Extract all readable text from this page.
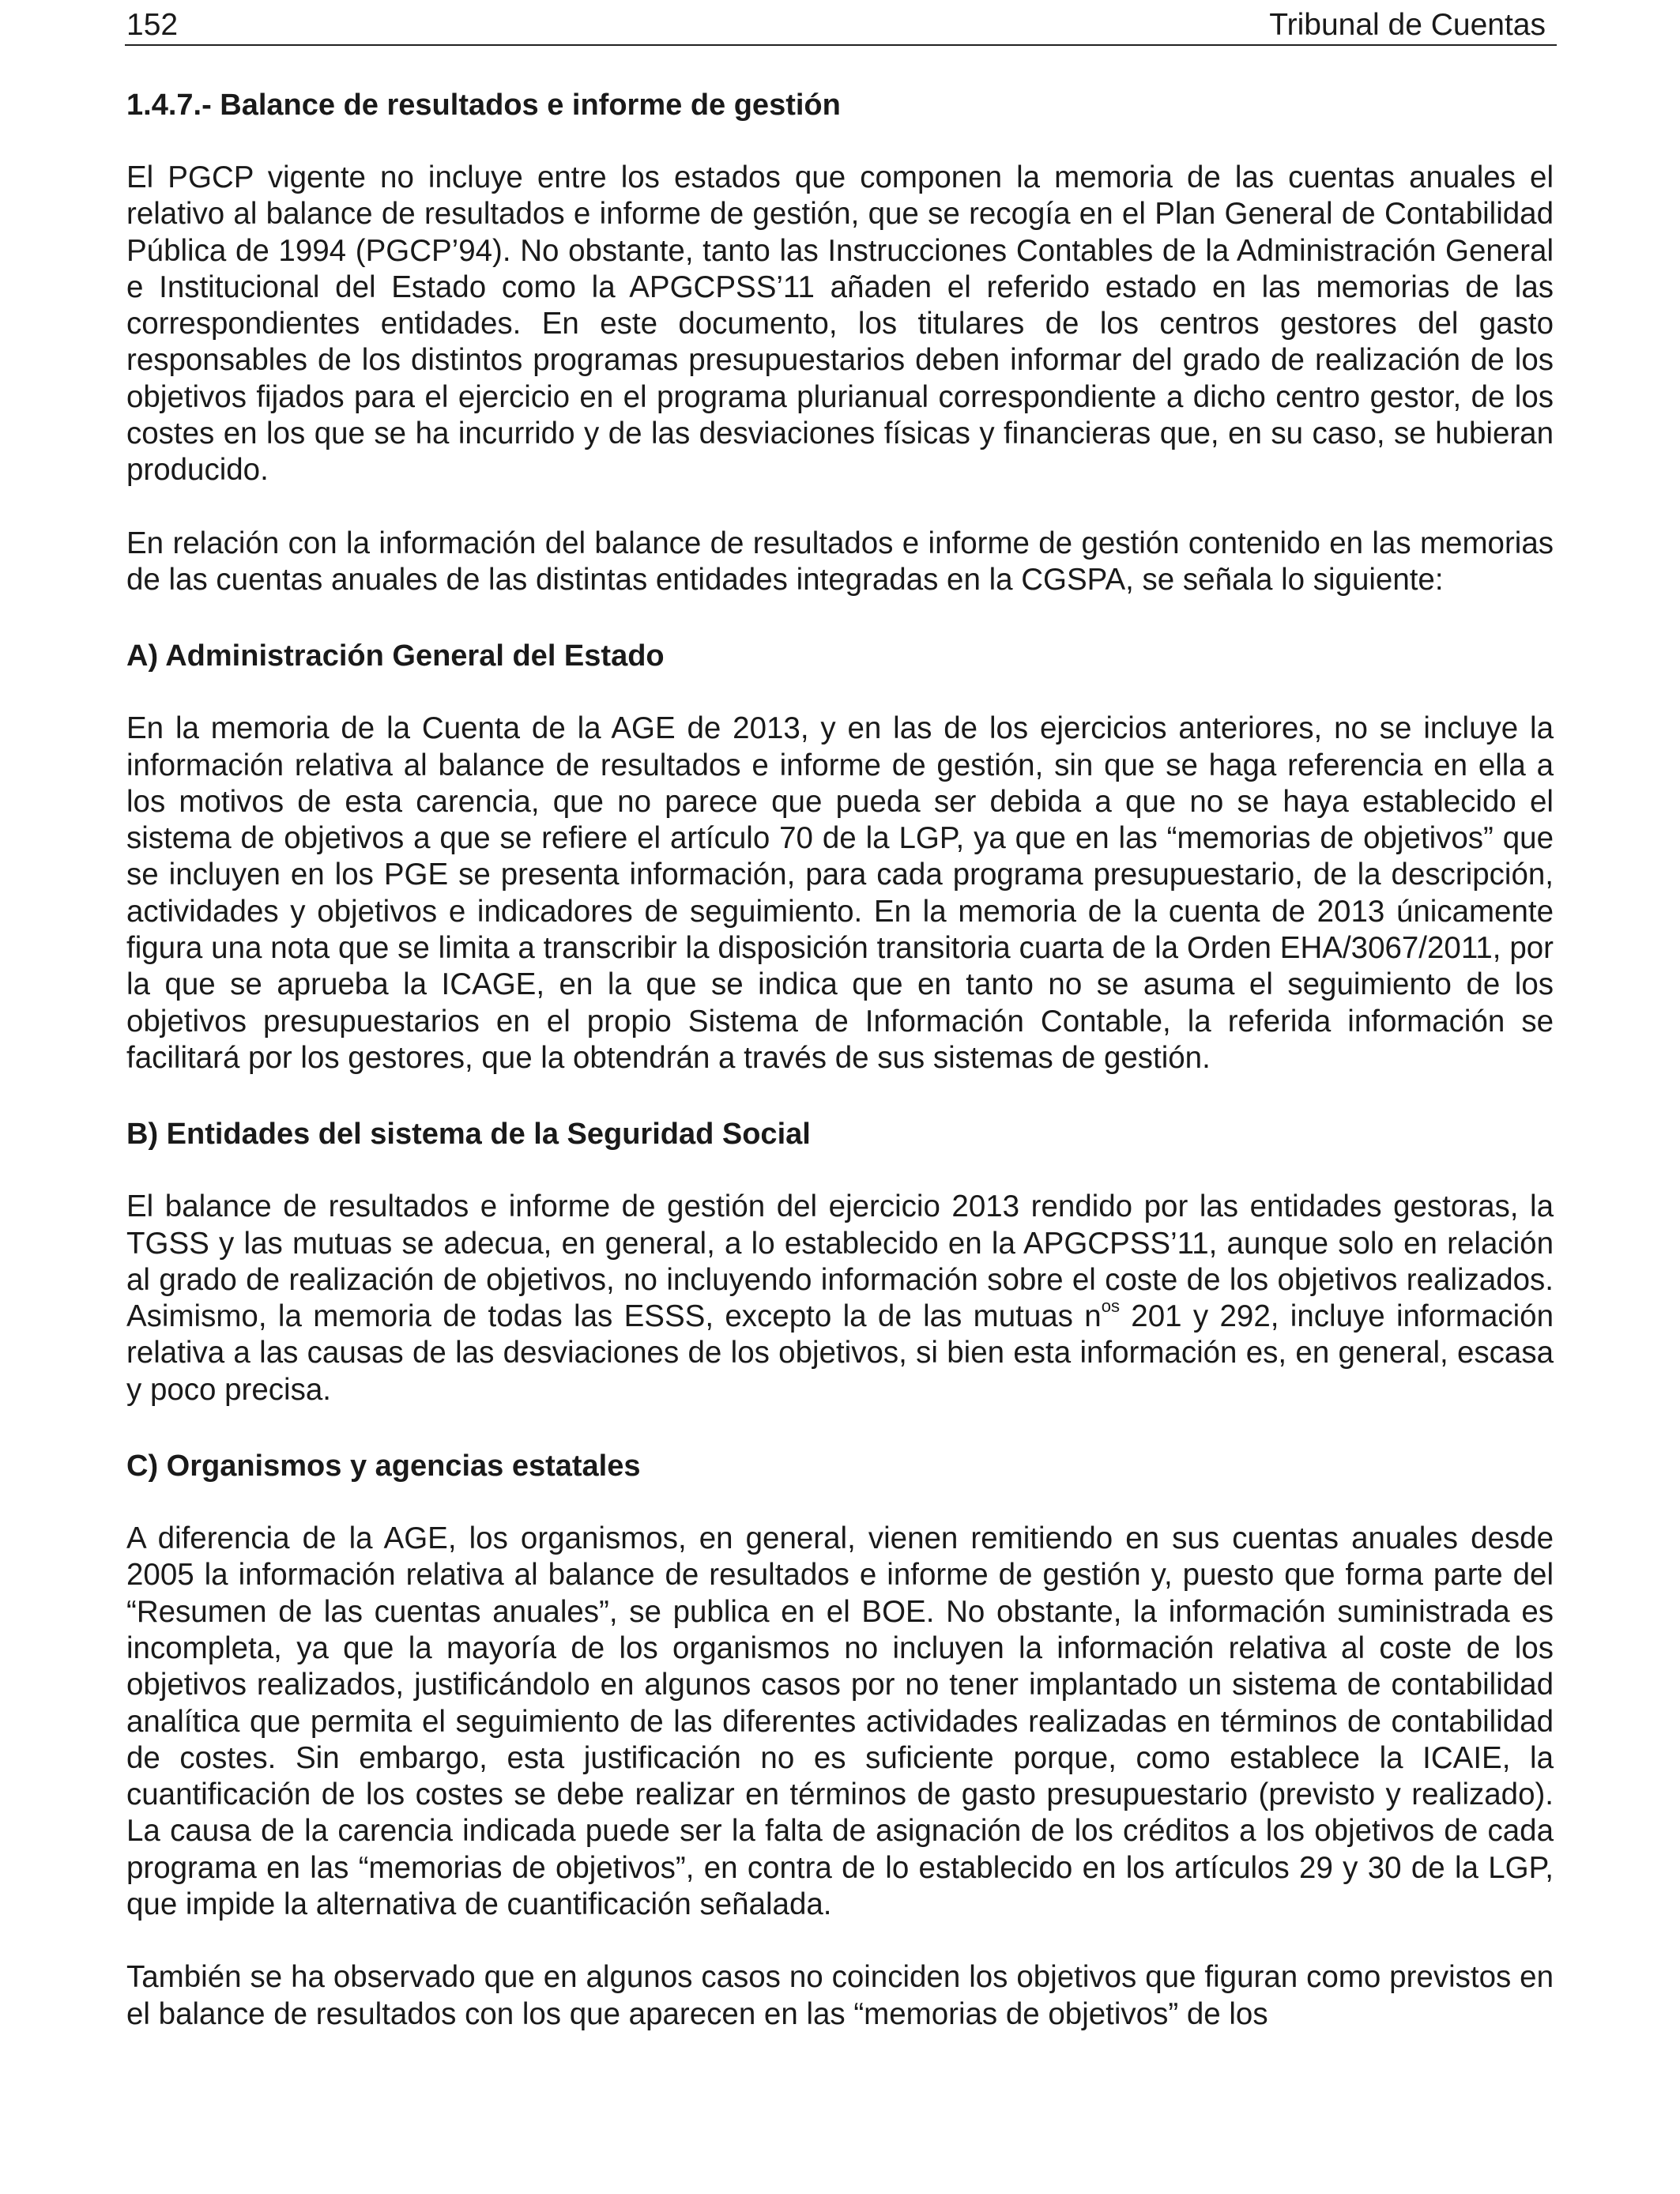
152	Tribunal de Cuentas
1.4.7.- Balance de resultados e informe de gestión

El PGCP vigente no incluye entre los estados que componen la memoria de las cuentas anuales el relativo al balance de resultados e informe de gestión, que se recogía en el Plan General de Contabilidad Pública de 1994 (PGCP’94). No obstante, tanto las Instrucciones Contables de la Administración General e Institucional del Estado como la APGCPSS’11 añaden el referido estado en las memorias de las correspondientes entidades. En este documento, los titulares de los centros gestores del gasto responsables de los distintos programas presupuestarios deben informar del grado de realización de los objetivos fijados para el ejercicio en el programa plurianual correspondiente a dicho centro gestor, de los costes en los que se ha incurrido y de las desviaciones físicas y financieras que, en su caso, se hubieran producido.

En relación con la información del balance de resultados e informe de gestión contenido en las memorias de las cuentas anuales de las distintas entidades integradas en la CGSPA, se señala lo siguiente:

A) Administración General del Estado

En la memoria de la Cuenta de la AGE de 2013, y en las de los ejercicios anteriores, no se incluye la información relativa al balance de resultados e informe de gestión, sin que se haga referencia en ella a los motivos de esta carencia, que no parece que pueda ser debida a que no se haya establecido el sistema de objetivos a que se refiere el artículo 70 de la LGP, ya que en las “memorias de objetivos” que se incluyen en los PGE se presenta información, para cada programa presupuestario, de la descripción, actividades y objetivos e indicadores de seguimiento. En la memoria de la cuenta de 2013 únicamente figura una nota que se limita a transcribir la disposición transitoria cuarta de la Orden EHA/3067/2011, por la que se aprueba la ICAGE, en la que se indica que en tanto no se asuma el seguimiento de los objetivos presupuestarios en el propio Sistema de Información Contable, la referida información se facilitará por los gestores, que la obtendrán a través de sus sistemas de gestión.

B) Entidades del sistema de la Seguridad Social

El balance de resultados e informe de gestión del ejercicio 2013 rendido por las entidades gestoras, la TGSS y las mutuas se adecua, en general, a lo establecido en la APGCPSS’11, aunque solo en relación al grado de realización de objetivos, no incluyendo información sobre el coste de los objetivos realizados. Asimismo, la memoria de todas las ESSS, excepto la de las mutuas $n^{os}$ 201 y 292, incluye información relativa a las causas de las desviaciones de los objetivos, si bien esta información es, en general, escasa y poco precisa.

C) Organismos y agencias estatales

A diferencia de la AGE, los organismos, en general, vienen remitiendo en sus cuentas anuales desde 2005 la información relativa al balance de resultados e informe de gestión y, puesto que forma parte del “Resumen de las cuentas anuales”, se publica en el BOE. No obstante, la información suministrada es incompleta, ya que la mayoría de los organismos no incluyen la información relativa al coste de los objetivos realizados, justificándolo en algunos casos por no tener implantado un sistema de contabilidad analítica que permita el seguimiento de las diferentes actividades realizadas en términos de contabilidad de costes. Sin embargo, esta justificación no es suficiente porque, como establece la ICAIE, la cuantificación de los costes se debe realizar en términos de gasto presupuestario (previsto y realizado). La causa de la carencia indicada puede ser la falta de asignación de los créditos a los objetivos de cada programa en las “memorias de objetivos”, en contra de lo establecido en los artículos 29 y 30 de la LGP, que impide la alternativa de cuantificación señalada.

También se ha observado que en algunos casos no coinciden los objetivos que figuran como previstos en el balance de resultados con los que aparecen en las “memorias de objetivos” de los
